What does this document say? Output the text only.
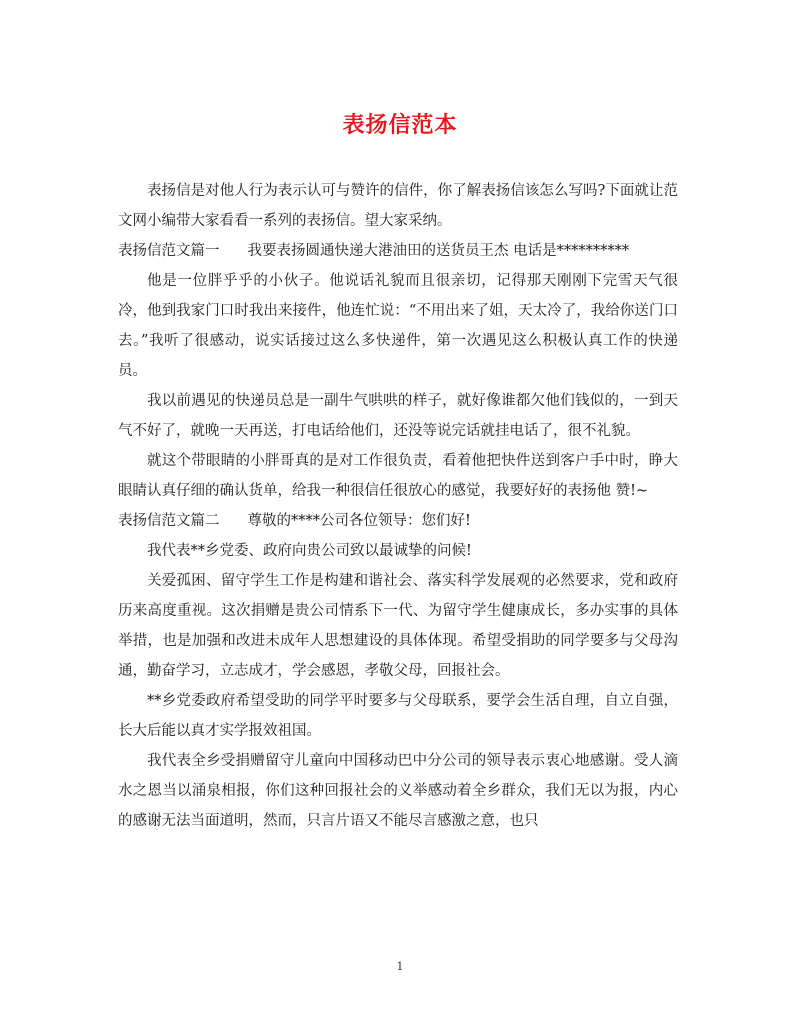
表扬信范本

表扬信是对他人行为表示认可与赞许的信件，你了解表扬信该怎么写吗?下面就让范文网小编带大家看看一系列的表扬信。望大家采纳。

表扬信范文篇一 我要表扬圆通快递大港油田的送货员王杰 电话是**********

他是一位胖乎乎的小伙子。他说话礼貌而且很亲切，记得那天刚刚下完雪天气很冷，他到我家门口时我出来接件，他连忙说：“不用出来了姐，天太冷了，我给你送门口去。”我听了很感动，说实话接过这么多快递件，第一次遇见这么积极认真工作的快递员。

我以前遇见的快递员总是一副牛气哄哄的样子，就好像谁都欠他们钱似的，一到天气不好了，就晚一天再送，打电话给他们，还没等说完话就挂电话了，很不礼貌。

就这个带眼睛的小胖哥真的是对工作很负责，看着他把快件送到客户手中时，睁大眼睛认真仔细的确认货单，给我一种很信任很放心的感觉，我要好好的表扬他 赞!~

表扬信范文篇二 尊敬的****公司各位领导：您们好!

我代表**乡党委、政府向贵公司致以最诚挚的问候!

关爱孤困、留守学生工作是构建和谐社会、落实科学发展观的必然要求，党和政府历来高度重视。这次捐赠是贵公司情系下一代、为留守学生健康成长，多办实事的具体举措，也是加强和改进未成年人思想建设的具体体现。希望受捐助的同学要多与父母沟通，勤奋学习，立志成才，学会感恩，孝敬父母，回报社会。

**乡党委政府希望受助的同学平时要多与父母联系，要学会生活自理，自立自强，长大后能以真才实学报效祖国。

我代表全乡受捐赠留守儿童向中国移动巴中分公司的领导表示衷心地感谢。受人滴水之恩当以涌泉相报，你们这种回报社会的义举感动着全乡群众，我们无以为报，内心的感谢无法当面道明，然而，只言片语又不能尽言感激之意，也只

1
